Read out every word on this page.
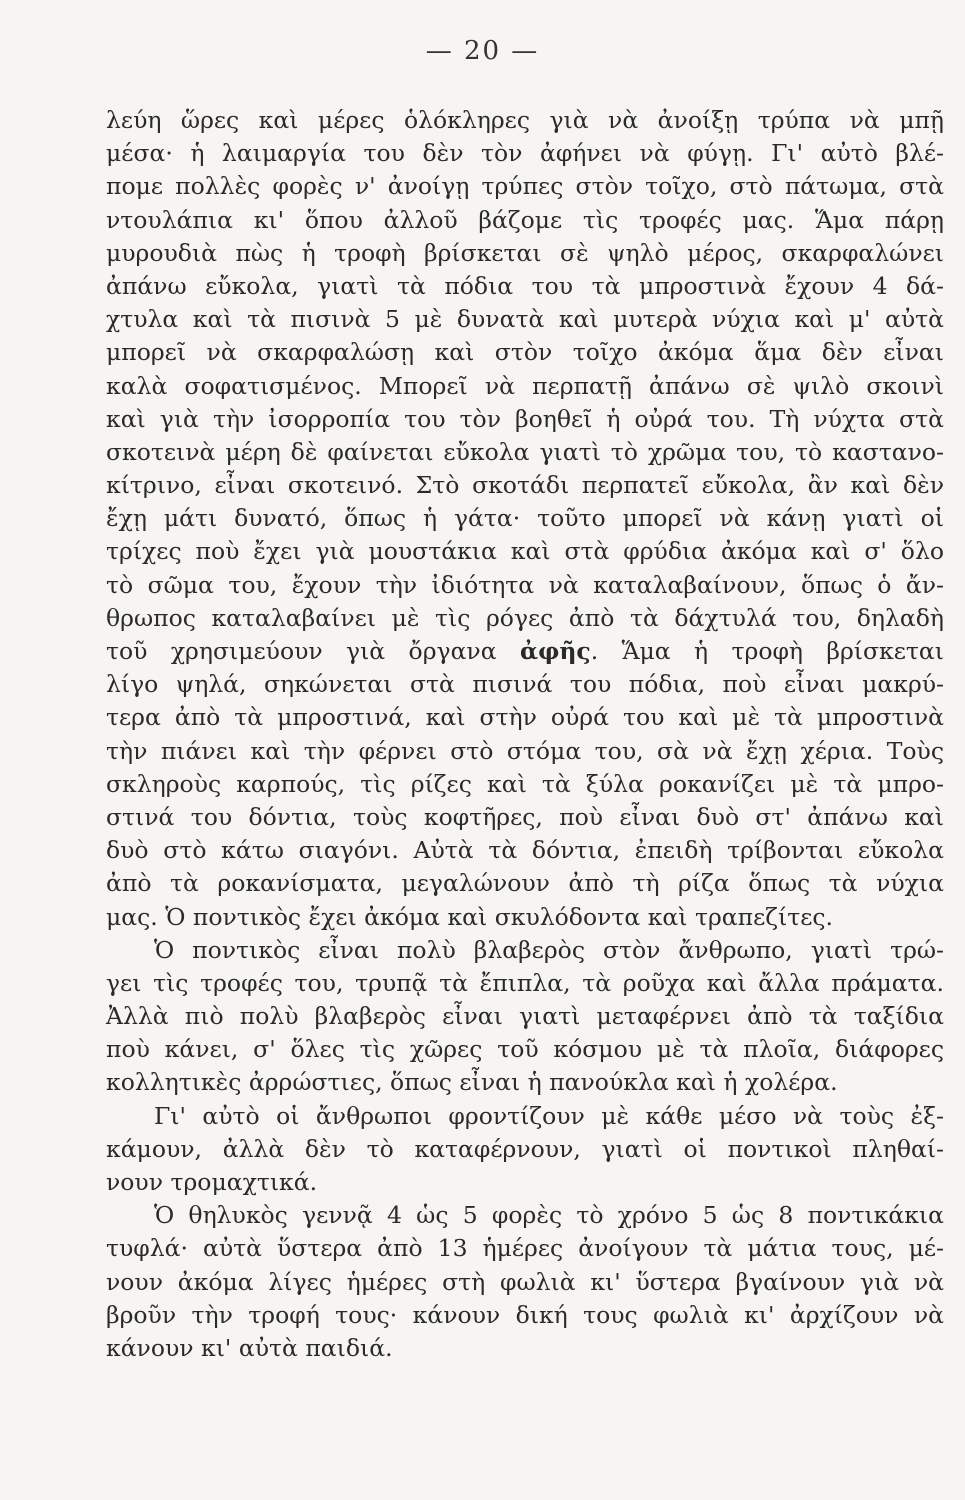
— 20 —
λεύη ὥρες καὶ μέρες ὁλόκληρες γιὰ νὰ ἀνοίξῃ τρύπα νὰ μπῇ
μέσα· ἡ λαιμαργία του δὲν τὸν ἀφήνει νὰ φύγῃ. Γι' αὐτὸ βλέ-
πομε πολλὲς φορὲς ν' ἀνοίγῃ τρύπες στὸν τοῖχο, στὸ πάτωμα, στὰ
ντουλάπια κι' ὅπου ἀλλοῦ βάζομε τὶς τροφές μας. Ἅμα πάρῃ
μυρουδιὰ πὼς ἡ τροφὴ βρίσκεται σὲ ψηλὸ μέρος, σκαρφαλώνει
ἀπάνω εὔκολα, γιατὶ τὰ πόδια του τὰ μπροστινὰ ἔχουν 4 δά-
χτυλα καὶ τὰ πισινὰ 5 μὲ δυνατὰ καὶ μυτερὰ νύχια καὶ μ' αὐτὰ
μπορεῖ νὰ σκαρφαλώσῃ καὶ στὸν τοῖχο ἀκόμα ἅμα δὲν εἶναι
καλὰ σοφατισμένος. Μπορεῖ νὰ περπατῇ ἀπάνω σὲ ψιλὸ σκοινὶ
καὶ γιὰ τὴν ἰσορροπία του τὸν βοηθεῖ ἡ οὐρά του. Τὴ νύχτα στὰ
σκοτεινὰ μέρη δὲ φαίνεται εὔκολα γιατὶ τὸ χρῶμα του, τὸ καστανο-
κίτρινο, εἶναι σκοτεινό. Στὸ σκοτάδι περπατεῖ εὔκολα, ἂν καὶ δὲν
ἔχῃ μάτι δυνατό, ὅπως ἡ γάτα· τοῦτο μπορεῖ νὰ κάνῃ γιατὶ οἱ
τρίχες ποὺ ἔχει γιὰ μουστάκια καὶ στὰ φρύδια ἀκόμα καὶ σ' ὅλο
τὸ σῶμα του, ἔχουν τὴν ἰδιότητα νὰ καταλαβαίνουν, ὅπως ὁ ἄν-
θρωπος καταλαβαίνει μὲ τὶς ρόγες ἀπὸ τὰ δάχτυλά του, δηλαδὴ
τοῦ χρησιμεύουν γιὰ ὄργανα ἀφῆς. Ἅμα ἡ τροφὴ βρίσκεται
λίγο ψηλά, σηκώνεται στὰ πισινά του πόδια, ποὺ εἶναι μακρύ-
τερα ἀπὸ τὰ μπροστινά, καὶ στὴν οὐρά του καὶ μὲ τὰ μπροστινὰ
τὴν πιάνει καὶ τὴν φέρνει στὸ στόμα του, σὰ νὰ ἔχῃ χέρια. Τοὺς
σκληροὺς καρπούς, τὶς ρίζες καὶ τὰ ξύλα ροκανίζει μὲ τὰ μπρο-
στινά του δόντια, τοὺς κοφτῆρες, ποὺ εἶναι δυὸ στ' ἀπάνω καὶ
δυὸ στὸ κάτω σιαγόνι. Αὐτὰ τὰ δόντια, ἐπειδὴ τρίβονται εὔκολα
ἀπὸ τὰ ροκανίσματα, μεγαλώνουν ἀπὸ τὴ ρίζα ὅπως τὰ νύχια
μας. Ὁ ποντικὸς ἔχει ἀκόμα καὶ σκυλόδοντα καὶ τραπεζίτες.
Ὁ ποντικὸς εἶναι πολὺ βλαβερὸς στὸν ἄνθρωπο, γιατὶ τρώ-
γει τὶς τροφές του, τρυπᾷ τὰ ἔπιπλα, τὰ ροῦχα καὶ ἄλλα πράματα.
Ἀλλὰ πιὸ πολὺ βλαβερὸς εἶναι γιατὶ μεταφέρνει ἀπὸ τὰ ταξίδια
ποὺ κάνει, σ' ὅλες τὶς χῶρες τοῦ κόσμου μὲ τὰ πλοῖα, διάφορες
κολλητικὲς ἀρρώστιες, ὅπως εἶναι ἡ πανούκλα καὶ ἡ χολέρα.
Γι' αὐτὸ οἱ ἄνθρωποι φροντίζουν μὲ κάθε μέσο νὰ τοὺς ἐξ-
κάμουν, ἀλλὰ δὲν τὸ καταφέρνουν, γιατὶ οἱ ποντικοὶ πληθαί-
νουν τρομαχτικά.
Ὁ θηλυκὸς γεννᾷ 4 ὡς 5 φορὲς τὸ χρόνο 5 ὡς 8 ποντικάκια
τυφλά· αὐτὰ ὕστερα ἀπὸ 13 ἡμέρες ἀνοίγουν τὰ μάτια τους, μέ-
νουν ἀκόμα λίγες ἡμέρες στὴ φωλιὰ κι' ὕστερα βγαίνουν γιὰ νὰ
βροῦν τὴν τροφή τους· κάνουν δική τους φωλιὰ κι' ἀρχίζουν νὰ
κάνουν κι' αὐτὰ παιδιά.
